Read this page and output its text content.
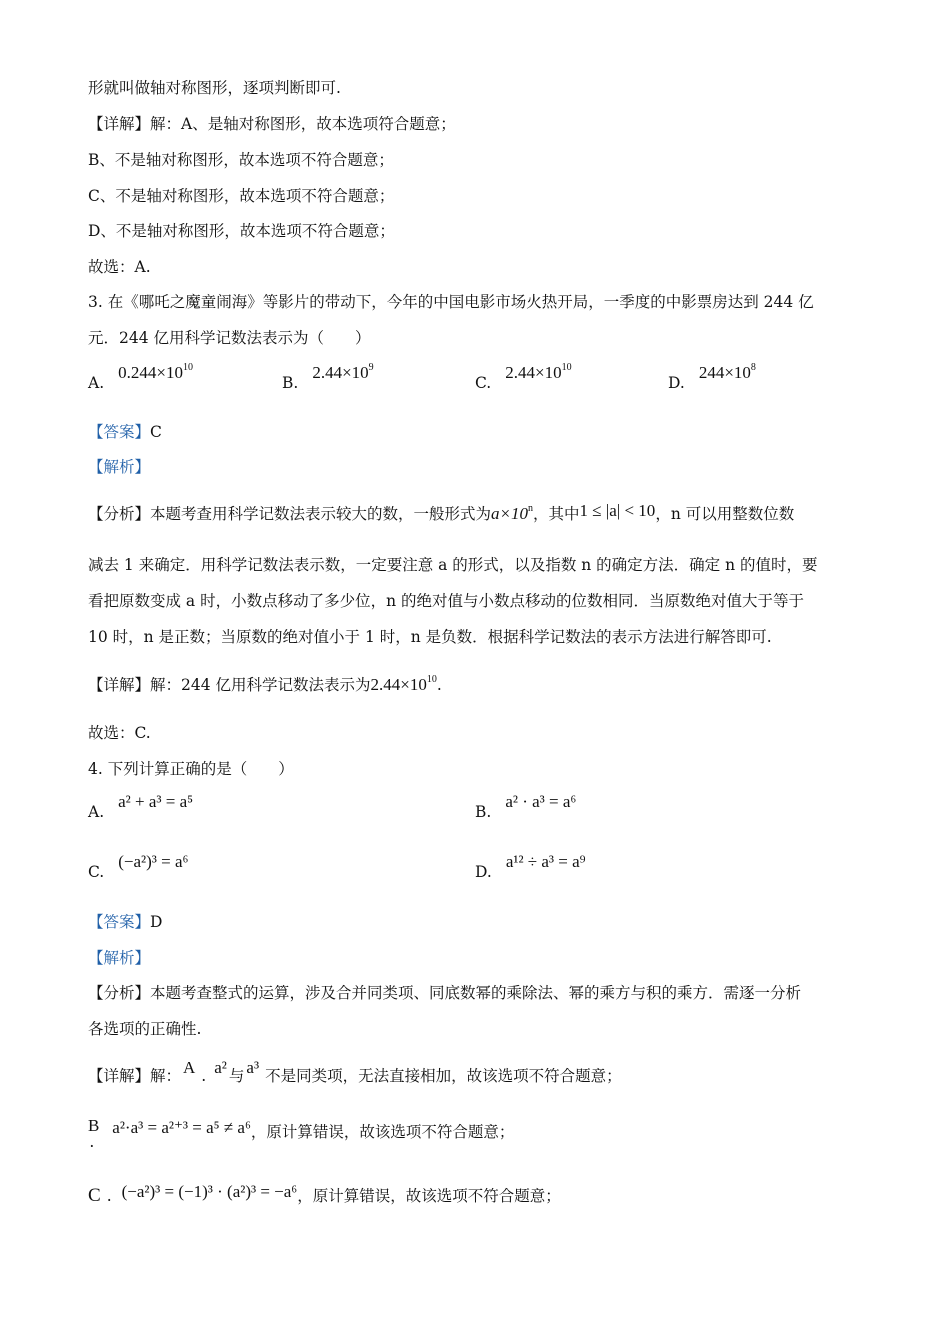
形就叫做轴对称图形，逐项判断即可.
【详解】解：A、是轴对称图形，故本选项符合题意；
B、不是轴对称图形，故本选项不符合题意；
C、不是轴对称图形，故本选项不符合题意；
D、不是轴对称图形，故本选项不符合题意；
故选：A.
3. 在《哪吒之魔童闹海》等影片的带动下，今年的中国电影市场火热开局，一季度的中影票房达到 244 亿
元．244 亿用科学记数法表示为（　　）
$A.0.244\times 10^{10}$
$B.2.44\times 10^9$
$C.2.44\times 10^{10}$
$D.244\times 10^8$
【答案】C
【解析】
【分析】本题考查用科学记数法表示较大的数，一般形式为$a\times 10^n$，其中1 ≤ |a| < 10，n 可以用整数位数
减去 1 来确定．用科学记数法表示数，一定要注意 a 的形式，以及指数 n 的确定方法．确定 n 的值时，要
看把原数变成 a 时，小数点移动了多少位，n 的绝对值与小数点移动的位数相同．当原数绝对值大于等于
10 时，n 是正数；当原数的绝对值小于 1 时，n 是负数．根据科学记数法的表示方法进行解答即可.
【详解】解：244 亿用科学记数法表示为$2.44\times 10^{10}$.
故选：C.
4. 下列计算正确的是（　　）
A.a² + a³ = a⁵
B.a² · a³ = a⁶
C.(−a²)³ = a⁶
D.a¹² ÷ a³ = a⁹
【答案】D
【解析】
【分析】本题考查整式的运算，涉及合并同类项、同底数幂的乘除法、幂的乘方与积的乘方．需逐一分析
各选项的正确性.
【详解】解： A . a² 与 a³ 不是同类项，无法直接相加，故该选项不符合题意；
B.a²·a³ = a²⁺³ = a⁵ ≠ a⁶，原计算错误，故该选项不符合题意；
C . (−a²)³ = (−1)³ · (a²)³ = −a⁶，原计算错误，故该选项不符合题意；
